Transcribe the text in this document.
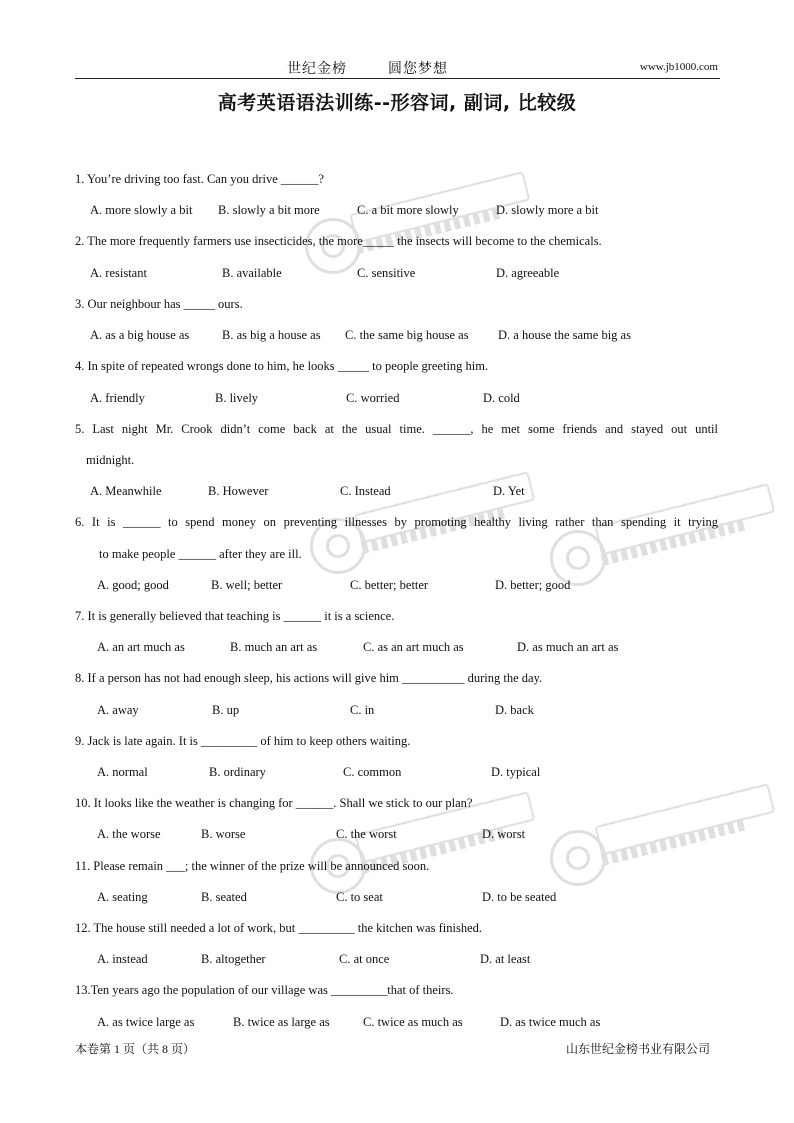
世纪金榜	圆您梦想	www.jb1000.com
高考英语语法训练--形容词, 副词, 比较级
1. You’re driving too fast. Can you drive ______?
A. more slowly a bit B. slowly a bit more	C. a bit more slowly	D. slowly more a bit
2. The more frequently farmers use insecticides, the more_____ the insects will become to the chemicals.
A. resistant	B. available	C. sensitive	D. agreeable
3. Our neighbour has _____ ours.
A. as a big house as	B. as big a house as C. the same big house as D. a house the same big as
4. In spite of repeated wrongs done to him, he looks _____ to people greeting him.
A. friendly	B. lively	C. worried	D. cold
5. Last night Mr. Crook didn’t come back at the usual time. ______, he met some friends and stayed out until
midnight.
A. Meanwhile	B. However	C. Instead	D. Yet
6. It is ______ to spend money on preventing illnesses by promoting healthy living rather than spending it trying
to make people ______ after they are ill.
A. good; good	B. well; better	C. better; better	D. better; good
7. It is generally believed that teaching is ______ it is a science.
A. an art much as	B. much an art as	C. as an art much as	D. as much an art as
8. If a person has not had enough sleep, his actions will give him __________ during the day.
A. away	B. up	C. in	D. back
9. Jack is late again. It is _________ of him to keep others waiting.
A. normal	B. ordinary	C. common	D. typical
10. It looks like the weather is changing for ______. Shall we stick to our plan?
A. the worse	B. worse	C. the worst	D. worst
11. Please remain ___; the winner of the prize will be announced soon.
A. seating	B. seated	C. to seat	D. to be seated
12. The house still needed a lot of work, but _________ the kitchen was finished.
A. instead	B. altogether	C. at once	D. at least
13.Ten years ago the population of our village was _________that of theirs.
A. as twice large as	B. twice as large as	C. twice as much as	D. as twice much as
本卷第 1 页（共 8 页）	山东世纪金榜书业有限公司
